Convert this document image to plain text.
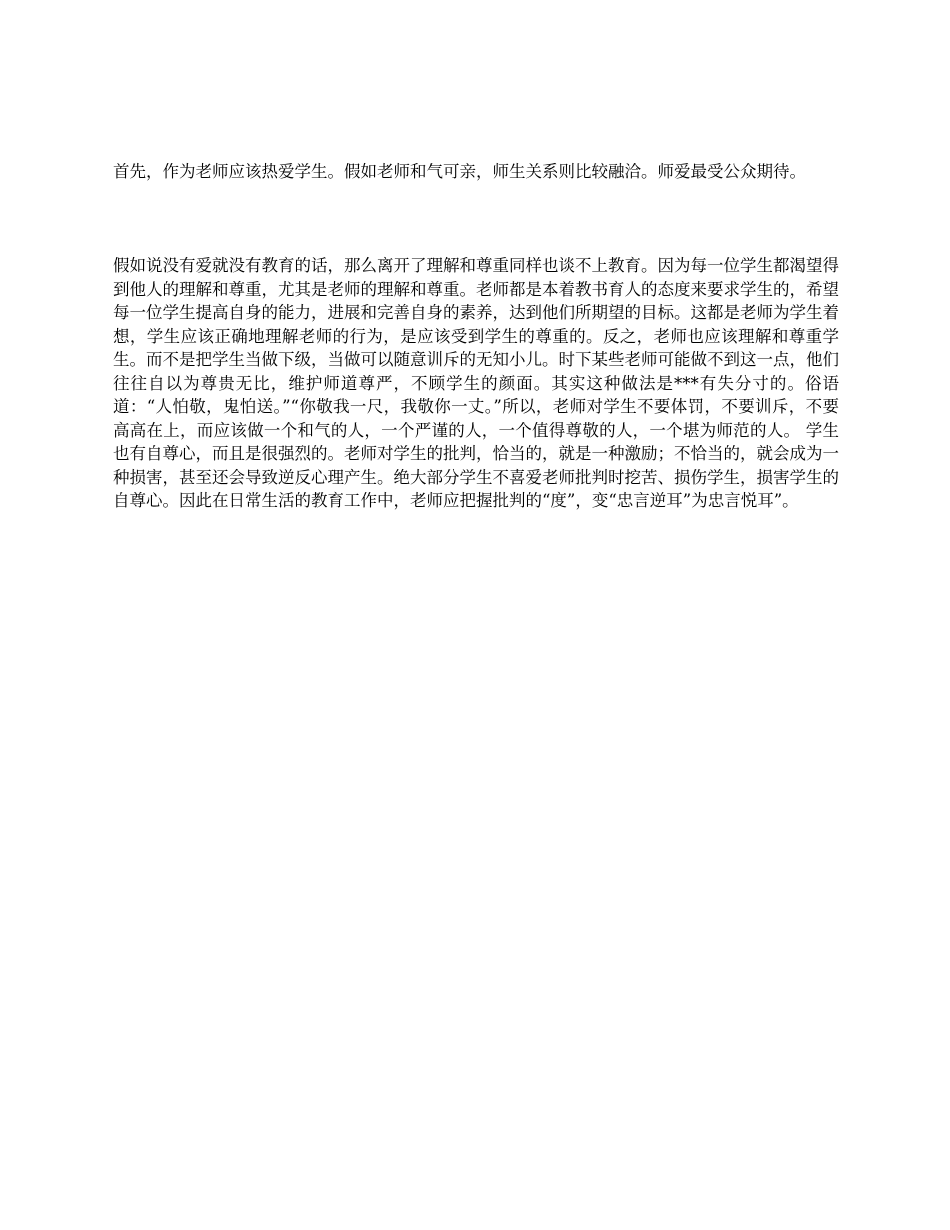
首先，作为老师应该热爱学生。假如老师和气可亲，师生关系则比较融洽。师爱最受公众期待。

假如说没有爱就没有教育的话，那么离开了理解和尊重同样也谈不上教育。因为每一位学生都渴望得到他人的理解和尊重，尤其是老师的理解和尊重。老师都是本着教书育人的态度来要求学生的，希望每一位学生提高自身的能力，进展和完善自身的素养，达到他们所期望的目标。这都是老师为学生着想，学生应该正确地理解老师的行为，是应该受到学生的尊重的。反之，老师也应该理解和尊重学生。而不是把学生当做下级，当做可以随意训斥的无知小儿。时下某些老师可能做不到这一点，他们往往自以为尊贵无比，维护师道尊严，不顾学生的颜面。其实这种做法是***有失分寸的。俗语道：“人怕敬，鬼怕送。”“你敬我一尺，我敬你一丈。”所以，老师对学生不要体罚，不要训斥，不要高高在上，而应该做一个和气的人，一个严谨的人，一个值得尊敬的人，一个堪为师范的人。 学生也有自尊心，而且是很强烈的。老师对学生的批判，恰当的，就是一种激励；不恰当的，就会成为一种损害，甚至还会导致逆反心理产生。绝大部分学生不喜爱老师批判时挖苦、损伤学生，损害学生的自尊心。因此在日常生活的教育工作中，老师应把握批判的“度”，变“忠言逆耳”为忠言悦耳”。
